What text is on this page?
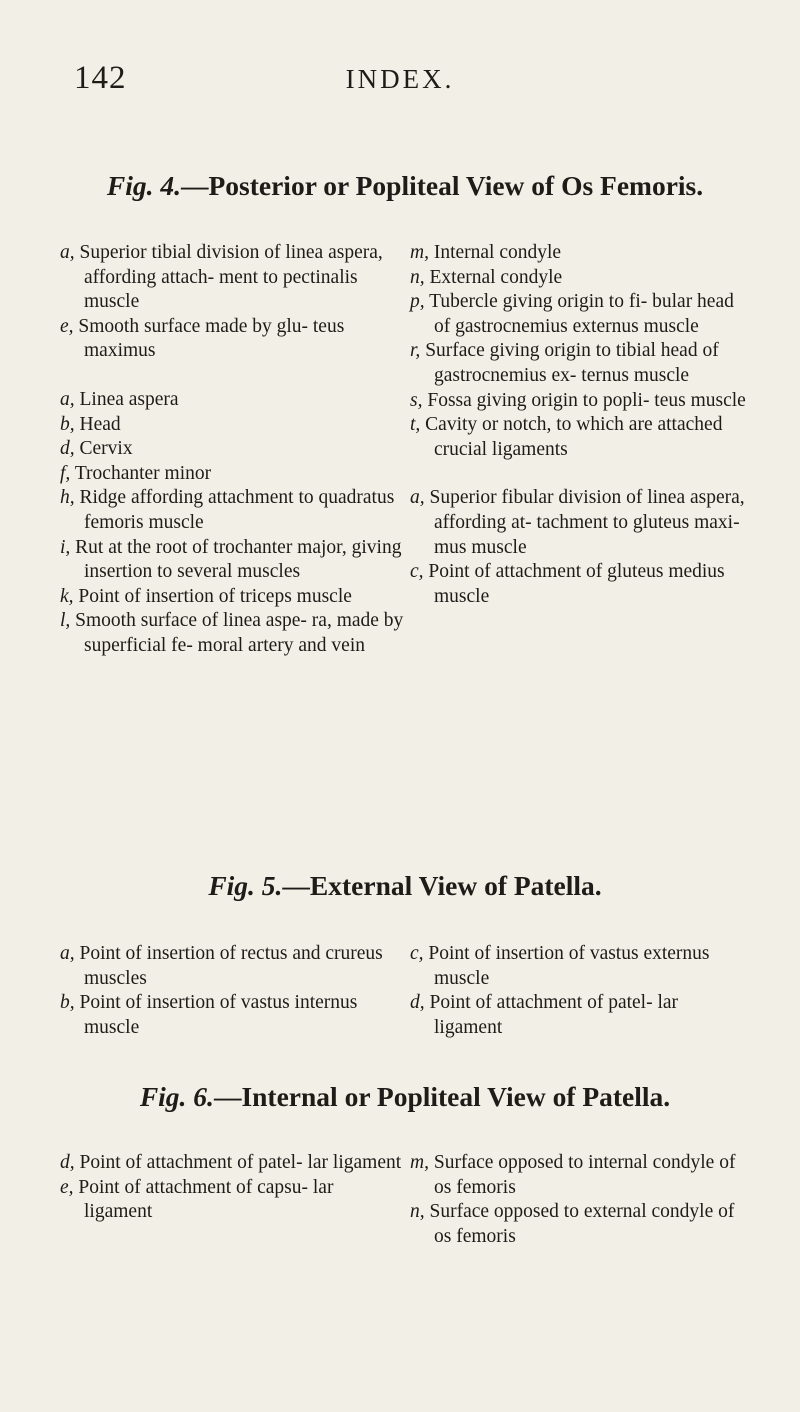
142	INDEX.
Fig. 4.—Posterior or Popliteal View of Os Femoris.
a, Superior tibial division of linea aspera, affording attach- ment to pectinalis muscle
e, Smooth surface made by glu- teus maximus
a, Linea aspera
b, Head
d, Cervix
f, Trochanter minor
h, Ridge affording attachment to quadratus femoris muscle
i, Rut at the root of trochanter major, giving insertion to several muscles
k, Point of insertion of triceps muscle
l, Smooth surface of linea aspe- ra, made by superficial fe- moral artery and vein
m, Internal condyle
n, External condyle
p, Tubercle giving origin to fi- bular head of gastrocnemius externus muscle
r, Surface giving origin to tibial head of gastrocnemius ex- ternus muscle
s, Fossa giving origin to popli- teus muscle
t, Cavity or notch, to which are attached crucial ligaments
a, Superior fibular division of linea aspera, affording at- tachment to gluteus maxi- mus muscle
c, Point of attachment of gluteus medius muscle
Fig. 5.—External View of Patella.
a, Point of insertion of rectus and crureus muscles
b, Point of insertion of vastus internus muscle
c, Point of insertion of vastus externus muscle
d, Point of attachment of patel- lar ligament
Fig. 6.—Internal or Popliteal View of Patella.
d, Point of attachment of patel- lar ligament
e, Point of attachment of capsu- lar ligament
m, Surface opposed to internal condyle of os femoris
n, Surface opposed to external condyle of os femoris
